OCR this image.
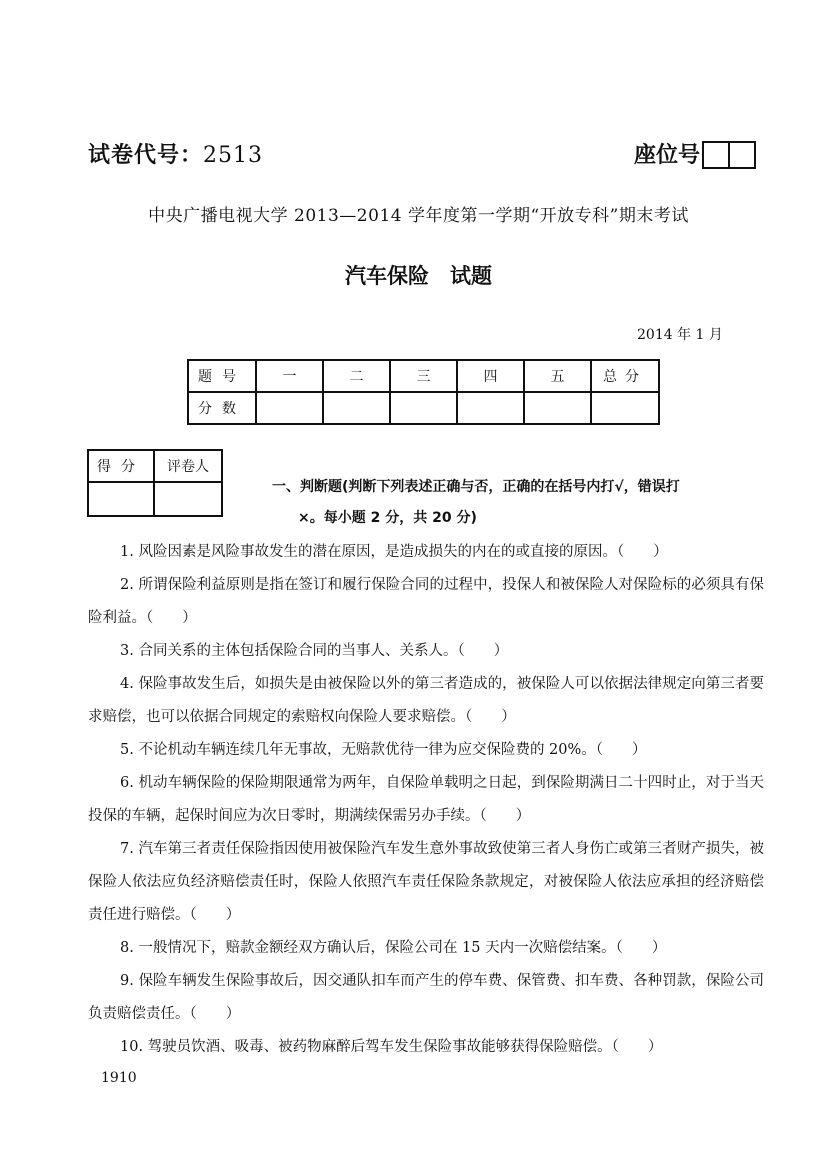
试卷代号：2513	座位号
中央广播电视大学 2013—2014 学年度第一学期“开放专科”期末考试
汽车保险　试题
2014 年 1 月
题号	一	二	三	四	五	总分
分数						
得分	评卷人

一、判断题(判断下列表述正确与否，正确的在括号内打√，错误打
×。每小题 2 分，共 20 分)

1. 风险因素是风险事故发生的潜在原因，是造成损失的内在的或直接的原因。（　　）

2. 所谓保险利益原则是指在签订和履行保险合同的过程中，投保人和被保险人对保险标的必须具有保险利益。（　　）

3. 合同关系的主体包括保险合同的当事人、关系人。（　　）

4. 保险事故发生后，如损失是由被保险以外的第三者造成的，被保险人可以依据法律规定向第三者要求赔偿，也可以依据合同规定的索赔权向保险人要求赔偿。（　　）

5. 不论机动车辆连续几年无事故，无赔款优待一律为应交保险费的 20%。（　　）

6. 机动车辆保险的保险期限通常为两年，自保险单载明之日起，到保险期满日二十四时止，对于当天投保的车辆，起保时间应为次日零时，期满续保需另办手续。（　　）

7. 汽车第三者责任保险指因使用被保险汽车发生意外事故致使第三者人身伤亡或第三者财产损失，被保险人依法应负经济赔偿责任时，保险人依照汽车责任保险条款规定，对被保险人依法应承担的经济赔偿责任进行赔偿。（　　）

8. 一般情况下，赔款金额经双方确认后，保险公司在 15 天内一次赔偿结案。（　　）

9. 保险车辆发生保险事故后，因交通队扣车而产生的停车费、保管费、扣车费、各种罚款，保险公司负责赔偿责任。（　　）

10. 驾驶员饮酒、吸毒、被药物麻醉后驾车发生保险事故能够获得保险赔偿。（　　）

1910
